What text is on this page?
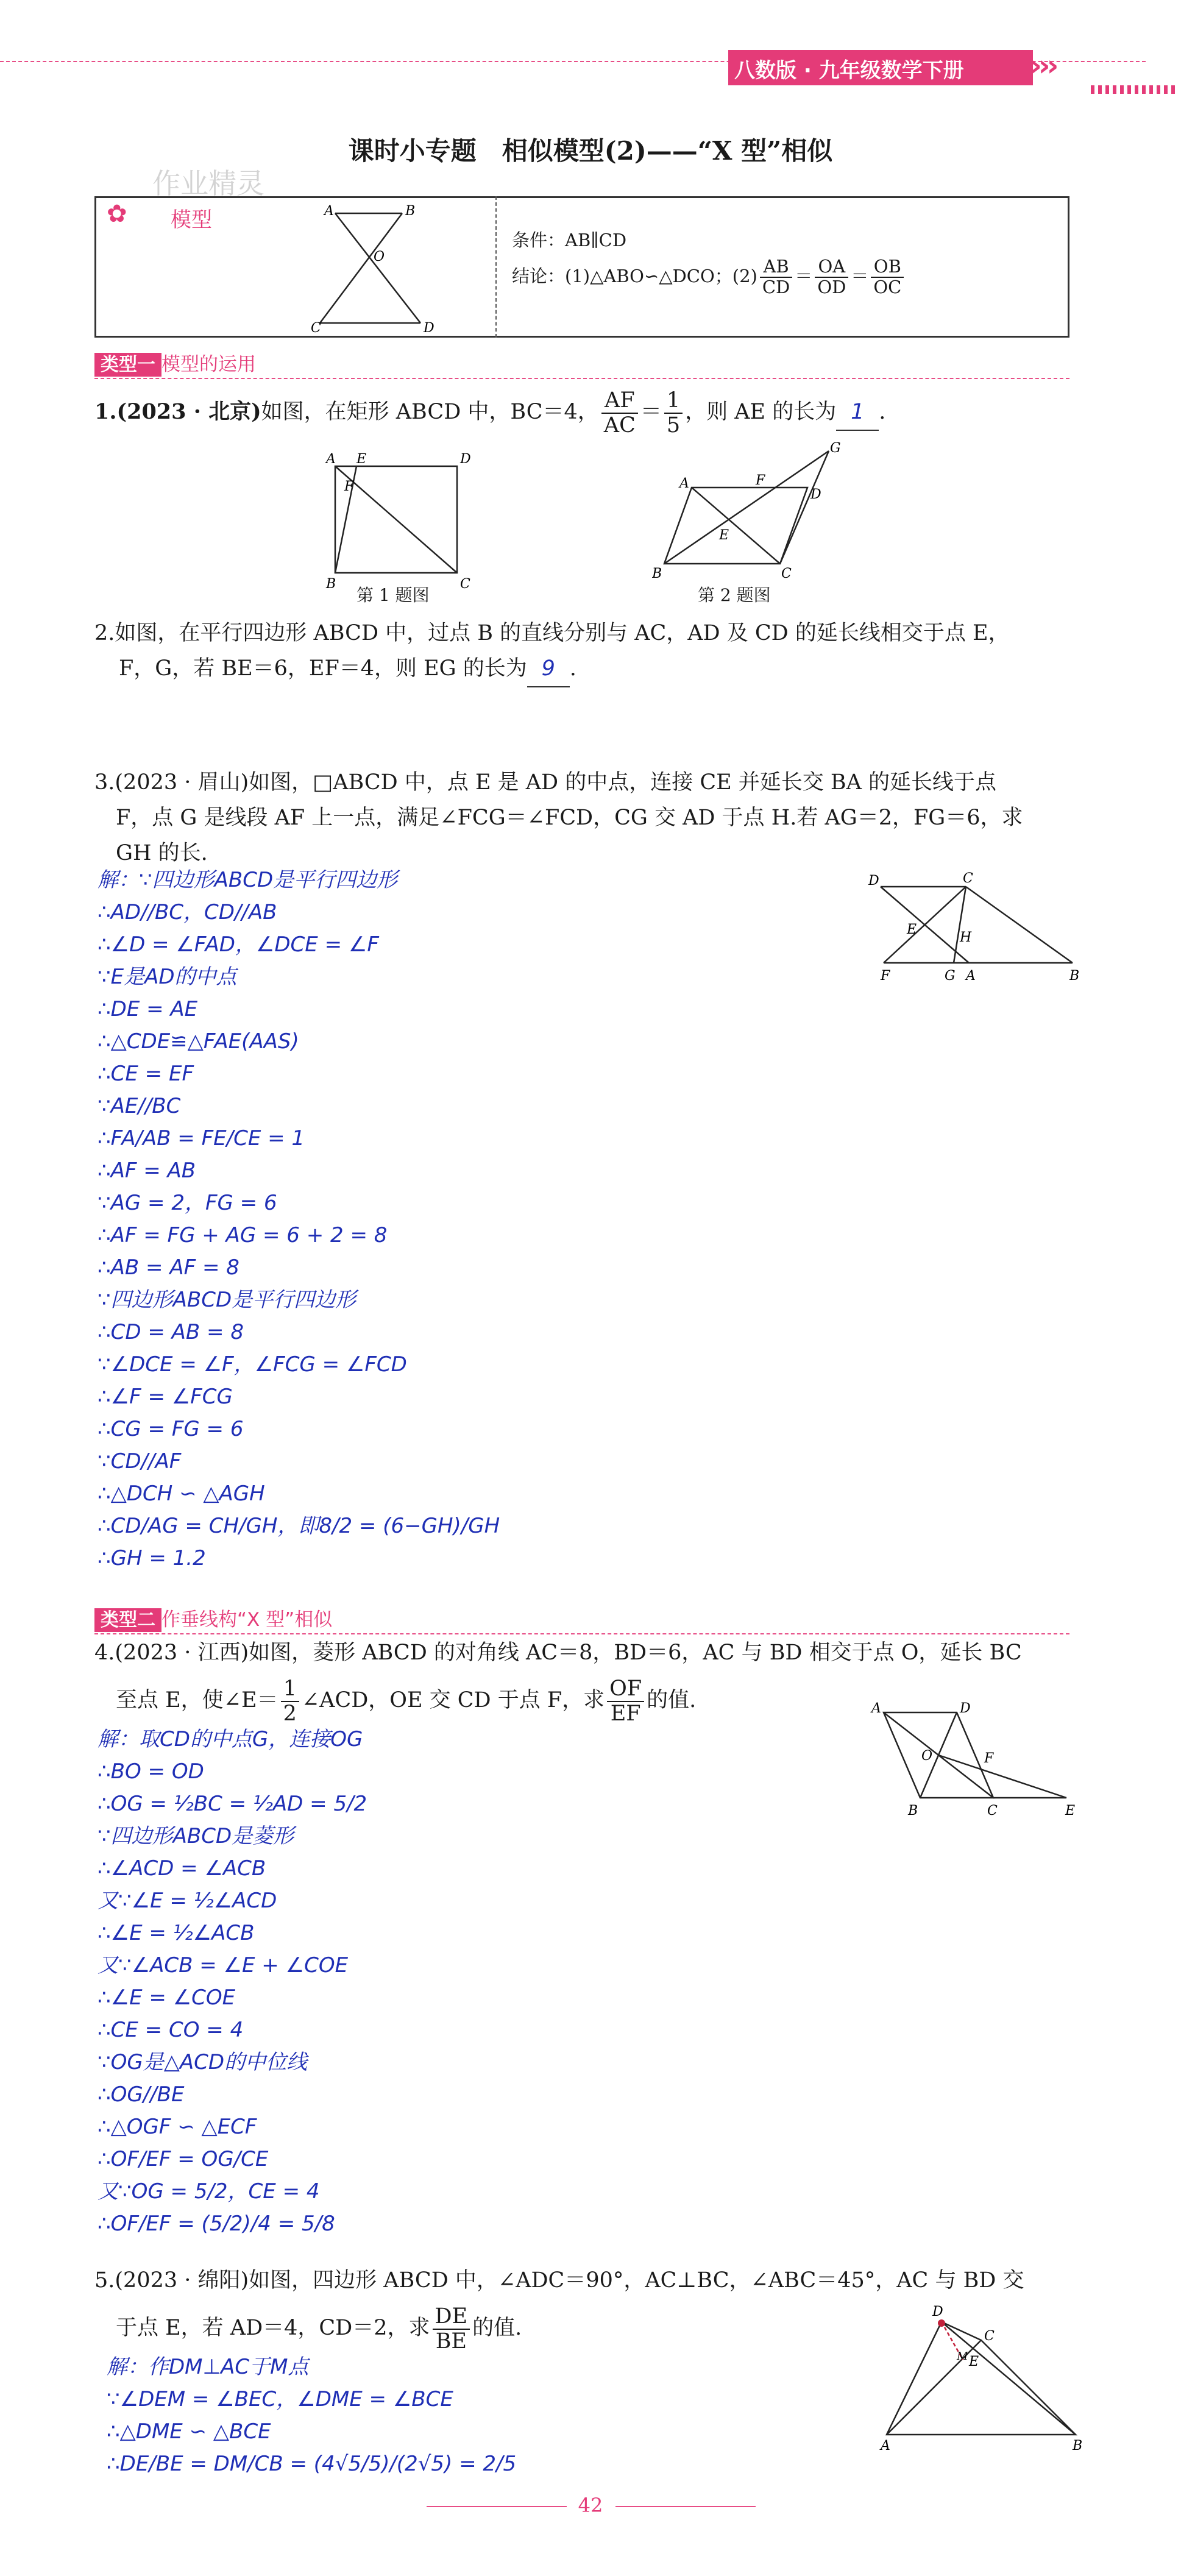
八数版 · 九年级数学下册 ›››
课时小专题　相似模型(2)——“X 型”相似
作业精灵
✿ 模型	A	B
O
C	D
条件：AB∥CD
结论：(1)△ABO∽△DCO；$(2) \frac{AB}{CD} = \frac{OA}{OD} = \frac{OB}{OC}$
类型一 模型的运用
1.(2023 · 北京)如图，在矩形 ABCD 中，BC＝4， $\frac{AF}{AC} = \frac{1}{5}$ ，则 AE 的长为 1 .
A E	D
F
B	C
第 1 题图
A	F
D
G
E
B	C
第 2 题图
2.如图，在平行四边形 ABCD 中，过点 B 的直线分别与 AC，AD 及 CD 的延长线相交于点 E，
F，G，若 BE＝6，EF＝4，则 EG 的长为 9 .
3.(2023 · 眉山)如图，□ABCD 中，点 E 是 AD 的中点，连接 CE 并延长交 BA 的延长线于点
F，点 G 是线段 AF 上一点，满足∠FCG＝∠FCD，CG 交 AD 于点 H.若 AG＝2，FG＝6，求
GH 的长.
解：∵四边形ABCD是平行四边形
∴AD//BC，CD//AB
∴∠D = ∠FAD，∠DCE = ∠F
∵E是AD的中点
∴DE = AE
∴△CDE≌△FAE(AAS)
∴CE = EF
∵AE//BC
∴FA/AB = FE/CE = 1
∴AF = AB
∵AG = 2，FG = 6
∴AF = FG + AG = 6 + 2 = 8
∴AB = AF = 8
∵四边形ABCD是平行四边形
∴CD = AB = 8
∵∠DCE = ∠F，∠FCG = ∠FCD
∴∠F = ∠FCG
∴CG = FG = 6
∵CD//AF
∴△DCH ∽ △AGH
∴CD/AG = CH/GH，即8/2 = (6−GH)/GH
∴GH = 1.2
D	C
E
H
F	G A	B
类型二 作垂线构“X 型”相似
4.(2023 · 江西)如图，菱形 ABCD 的对角线 AC＝8，BD＝6，AC 与 BD 相交于点 O，延长 BC
至点 E，使∠E＝ $\frac{1}{2}$ ∠ACD，OE 交 CD 于点 F，求 $\frac{OF}{EF}$ 的值.
解：取CD的中点G，连接OG
∴BO = OD
∴OG = ½BC = ½AD = 5/2
∵四边形ABCD是菱形
∴∠ACD = ∠ACB
又∵∠E = ½∠ACD
∴∠E = ½∠ACB
又∵∠ACB = ∠E + ∠COE
∴∠E = ∠COE
∴CE = CO = 4
∵OG是△ACD的中位线
∴OG//BE
∴△OGF ∽ △ECF
∴OF/EF = OG/CE
又∵OG = 5/2，CE = 4
∴OF/EF = (5/2)/4 = 5/8
A	D
O	F
B	C	E
5.(2023 · 绵阳)如图，四边形 ABCD 中，∠ADC＝90°，AC⊥BC，∠ABC＝45°，AC 与 BD 交
于点 E，若 AD＝4，CD＝2，求 $\frac{DE}{BE}$ 的值.
解：作DM⊥AC于M点
∵∠DEM = ∠BEC，∠DME = ∠BCE
∴△DME ∽ △BCE
∴DE/BE = DM/CB = (4√5/5)/(2√5) = 2/5
D
C
M E
A	B
42
